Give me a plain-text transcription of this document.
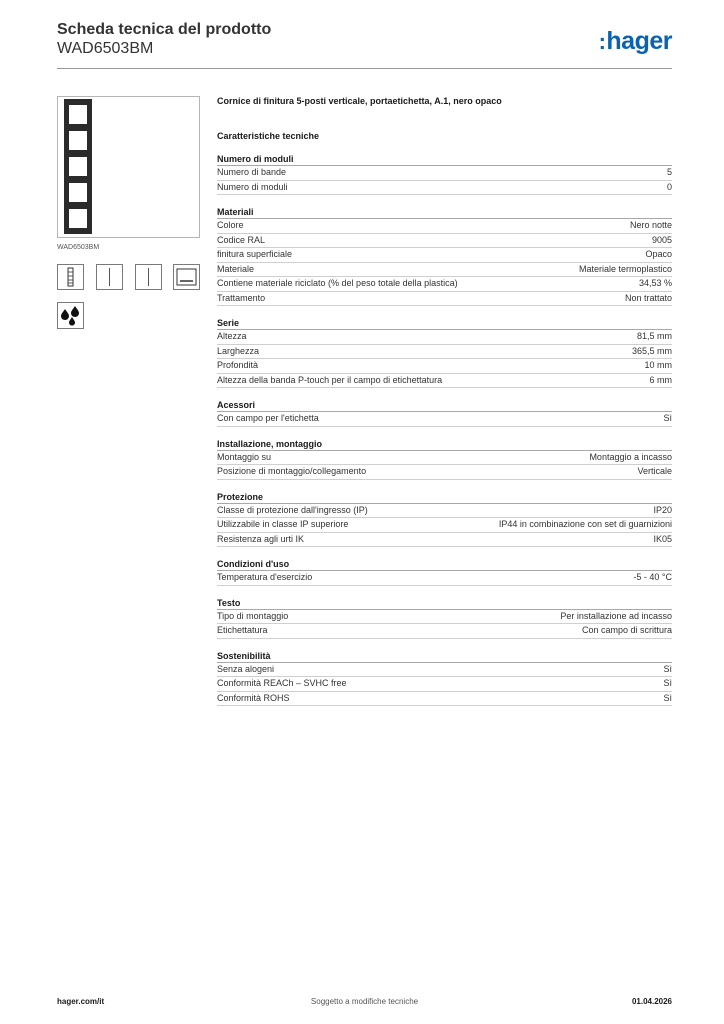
Scheda tecnica del prodotto
WAD6503BM	:hager
WAD6503BM
Cornice di finitura 5-posti verticale, portaetichetta, A.1, nero opaco
Caratteristiche tecniche
Numero di moduli
Numero di bande	5
Numero di moduli	0
Materiali
Colore	Nero notte
Codice RAL	9005
finitura superficiale	Opaco
Materiale	Materiale termoplastico
Contiene materiale riciclato (% del peso totale della plastica)	34,53 %
Trattamento	Non trattato
Serie
Altezza	81,5 mm
Larghezza	365,5 mm
Profondità	10 mm
Altezza della banda P-touch per il campo di etichettatura	6 mm
Acessori
Con campo per l'etichetta	Sì
Installazione, montaggio
Montaggio su	Montaggio a incasso
Posizione di montaggio/collegamento	Verticale
Protezione
Classe di protezione dall'ingresso (IP)	IP20
Utilizzabile in classe IP superiore	IP44 in combinazione con set di guarnizioni
Resistenza agli urti IK	IK05
Condizioni d'uso
Temperatura d'esercizio	-5 - 40 °C
Testo
Tipo di montaggio	Per installazione ad incasso
Etichettatura	Con campo di scrittura
Sostenibilità
Senza alogeni	Sì
Conformità REACh – SVHC free	Sì
Conformità ROHS	Sì
hager.com/it	Soggetto a modifiche tecniche	01.04.2026
